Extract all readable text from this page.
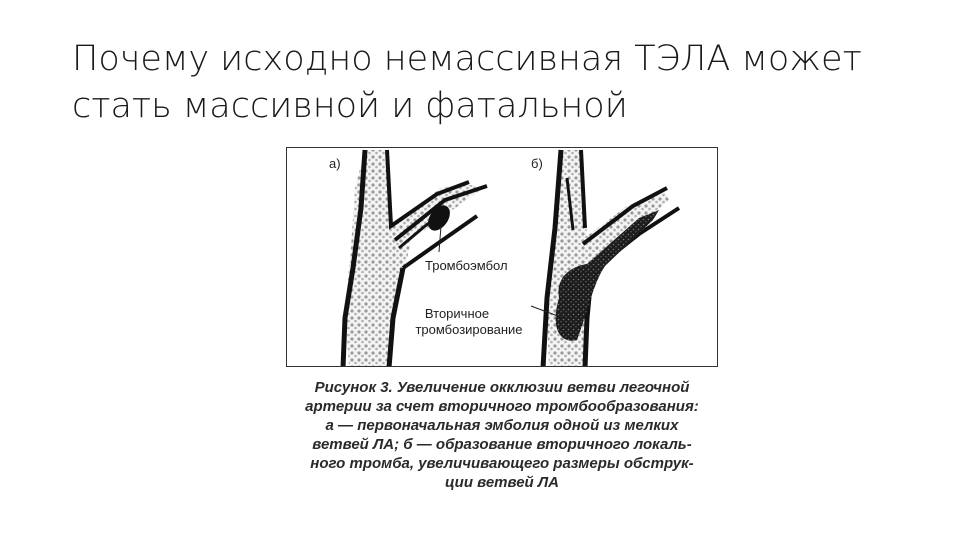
Почему исходно немассивная ТЭЛА может
стать массивной и фатальной
а)	б)
Тромбоэмбол
Вторичное
тромбозирование
Рисунок 3. Увеличение окклюзии ветви легочной
артерии за счет вторичного тромбообразования:
а — первоначальная эмболия одной из мелких
ветвей ЛА; б — образование вторичного локаль-
ного тромба, увеличивающего размеры обструк-
ции ветвей ЛА
